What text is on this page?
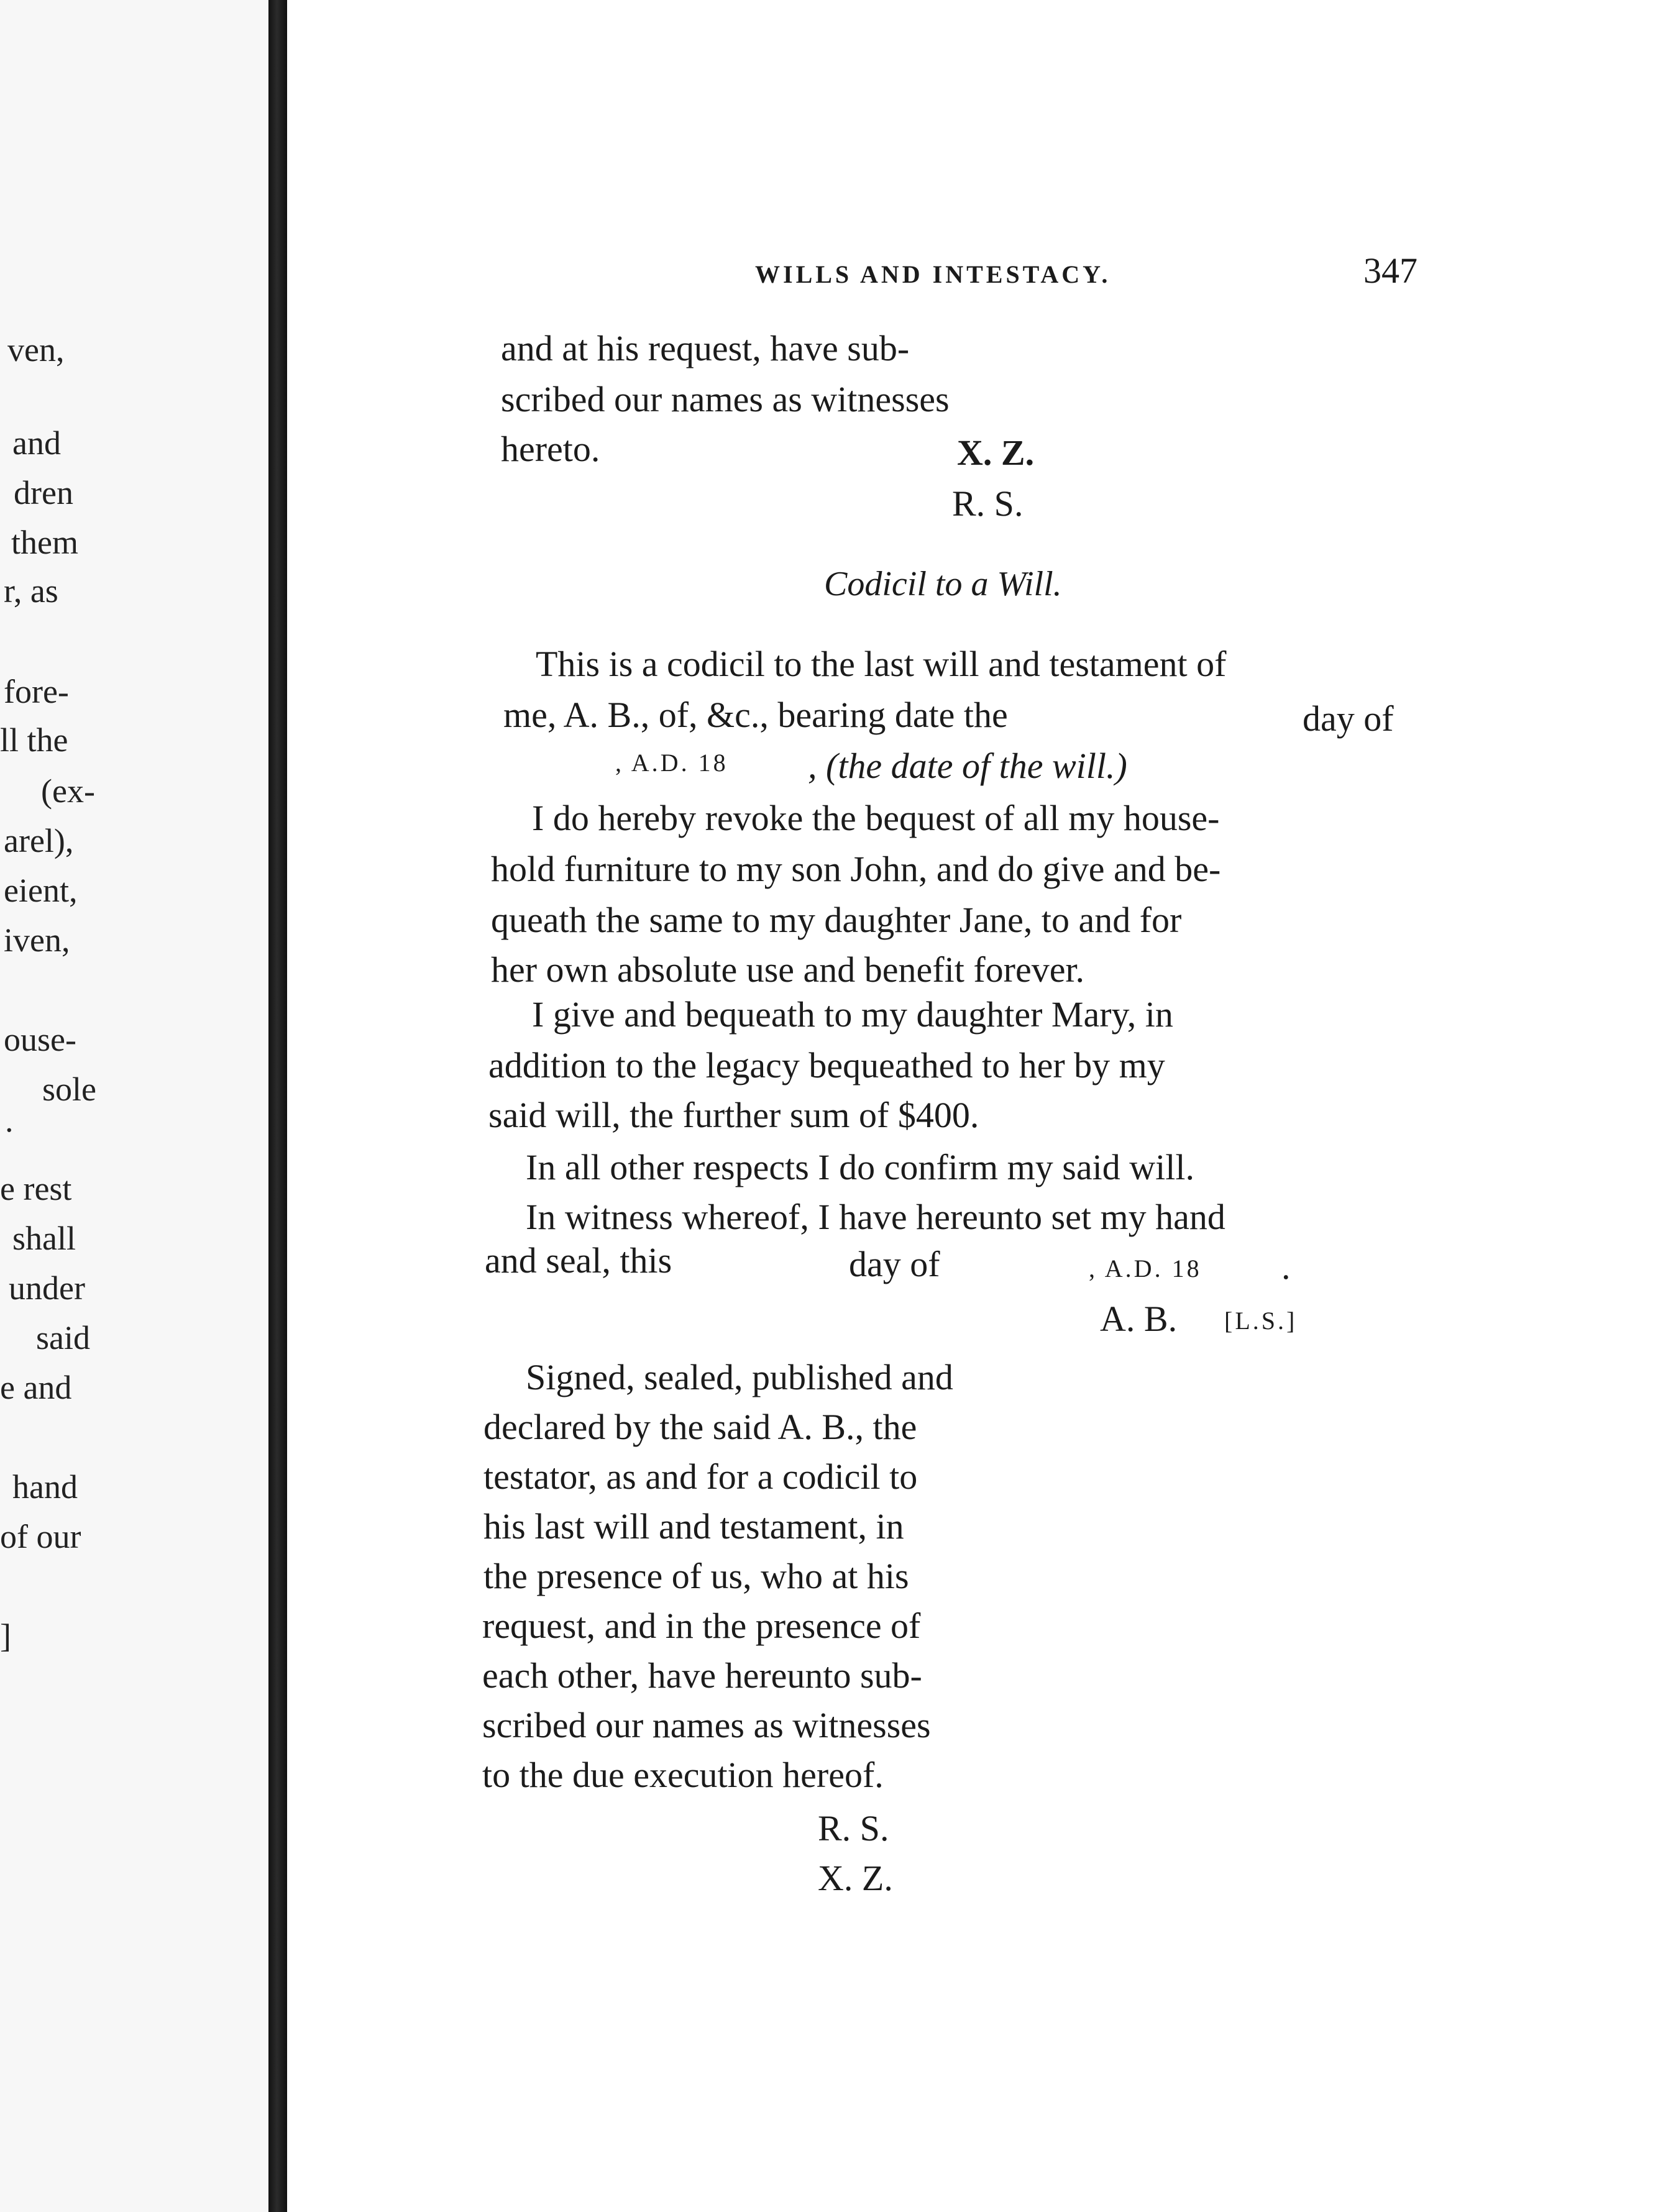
ven,
and
dren
them
r, as
fore-
ll the
(ex-
arel),
eient,
iven,
ouse-
sole
.
e rest
shall
under
said
e and
hand
of our
]
WILLS AND INTESTACY.	347
and at his request, have sub-
scribed our names as witnesses
hereto.	X. Z.
R. S.
Codicil to a Will.
This is a codicil to the last will and testament of
me, A. B., of, &c., bearing date the	day of
, A.D. 18 , (the date of the will.)
I do hereby revoke the bequest of all my house-
hold furniture to my son John, and do give and be-
queath the same to my daughter Jane, to and for
her own absolute use and benefit forever.
I give and bequeath to my daughter Mary, in
addition to the legacy bequeathed to her by my
said will, the further sum of $400.
In all other respects I do confirm my said will.
In witness whereof, I have hereunto set my hand
and seal, this	day of	, A.D. 18 .
A. B. [L.S.]
Signed, sealed, published and
declared by the said A. B., the
testator, as and for a codicil to
his last will and testament, in
the presence of us, who at his
request, and in the presence of
each other, have hereunto sub-
scribed our names as witnesses
to the due execution hereof.
R. S.
X. Z.
